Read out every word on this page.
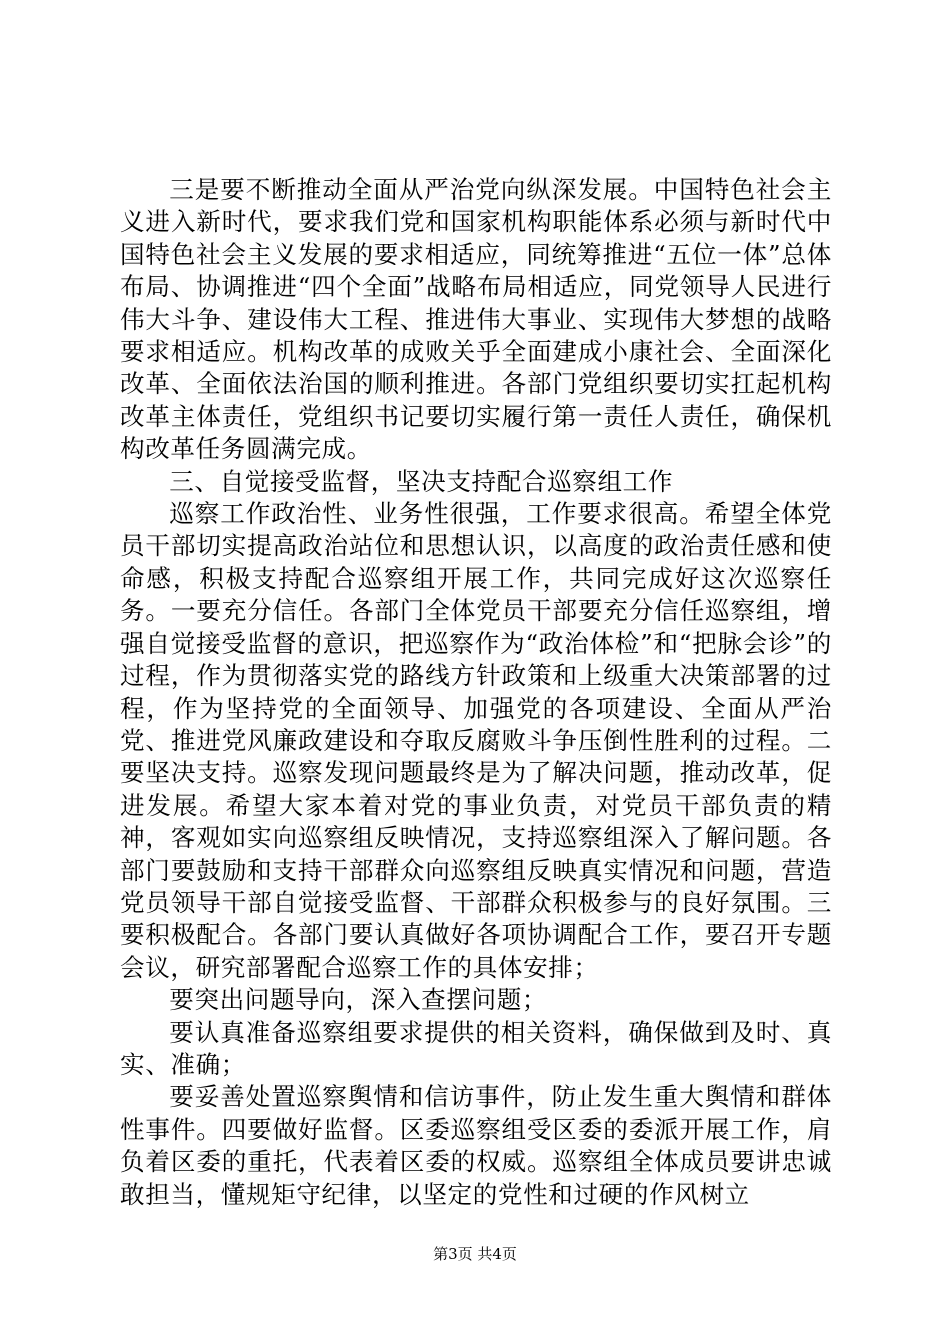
三是要不断推动全面从严治党向纵深发展。中国特色社会主义进入新时代，要求我们党和国家机构职能体系必须与新时代中国特色社会主义发展的要求相适应，同统筹推进“五位一体”总体布局、协调推进“四个全面”战略布局相适应，同党领导人民进行伟大斗争、建设伟大工程、推进伟大事业、实现伟大梦想的战略要求相适应。机构改革的成败关乎全面建成小康社会、全面深化改革、全面依法治国的顺利推进。各部门党组织要切实扛起机构改革主体责任，党组织书记要切实履行第一责任人责任，确保机构改革任务圆满完成。

三、自觉接受监督，坚决支持配合巡察组工作

巡察工作政治性、业务性很强，工作要求很高。希望全体党员干部切实提高政治站位和思想认识，以高度的政治责任感和使命感，积极支持配合巡察组开展工作，共同完成好这次巡察任务。一要充分信任。各部门全体党员干部要充分信任巡察组，增强自觉接受监督的意识，把巡察作为“政治体检”和“把脉会诊”的过程，作为贯彻落实党的路线方针政策和上级重大决策部署的过程，作为坚持党的全面领导、加强党的各项建设、全面从严治党、推进党风廉政建设和夺取反腐败斗争压倒性胜利的过程。二要坚决支持。巡察发现问题最终是为了解决问题，推动改革，促进发展。希望大家本着对党的事业负责，对党员干部负责的精神，客观如实向巡察组反映情况，支持巡察组深入了解问题。各部门要鼓励和支持干部群众向巡察组反映真实情况和问题，营造党员领导干部自觉接受监督、干部群众积极参与的良好氛围。三要积极配合。各部门要认真做好各项协调配合工作，要召开专题会议，研究部署配合巡察工作的具体安排；

要突出问题导向，深入查摆问题；

要认真准备巡察组要求提供的相关资料，确保做到及时、真实、准确；

要妥善处置巡察舆情和信访事件，防止发生重大舆情和群体性事件。四要做好监督。区委巡察组受区委的委派开展工作，肩负着区委的重托，代表着区委的权威。巡察组全体成员要讲忠诚敢担当，懂规矩守纪律，以坚定的党性和过硬的作风树立

第3页 共4页
